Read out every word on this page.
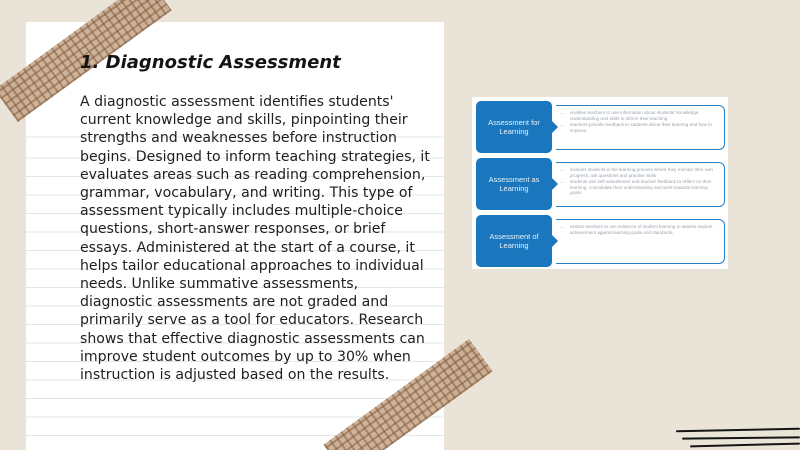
1. Diagnostic Assessment

A diagnostic assessment identifies students' current knowledge and skills, pinpointing their strengths and weaknesses before instruction begins. Designed to inform teaching strategies, it evaluates areas such as reading comprehension, grammar, vocabulary, and writing. This type of assessment typically includes multiple-choice questions, short-answer responses, or brief essays. Administered at the start of a course, it helps tailor educational approaches to individual needs. Unlike summative assessments, diagnostic assessments are not graded and primarily serve as a tool for educators. Research shows that effective diagnostic assessments can improve student outcomes by up to 30% when instruction is adjusted based on the results.

• enables teachers to use information about students' knowledge, understanding and skills to inform their teaching
• teachers provide feedback to students about their learning and how to improve.
Assessment for Learning
• involves students in the learning process where they monitor their own progress, ask questions and practise skills
• students use self-assessment and teacher feedback to reflect on their learning, consolidate their understanding and work towards learning goals.
Assessment as Learning
• assists teachers to use evidence of student learning to assess student achievement against learning goals and standards.
Assessment of Learning
